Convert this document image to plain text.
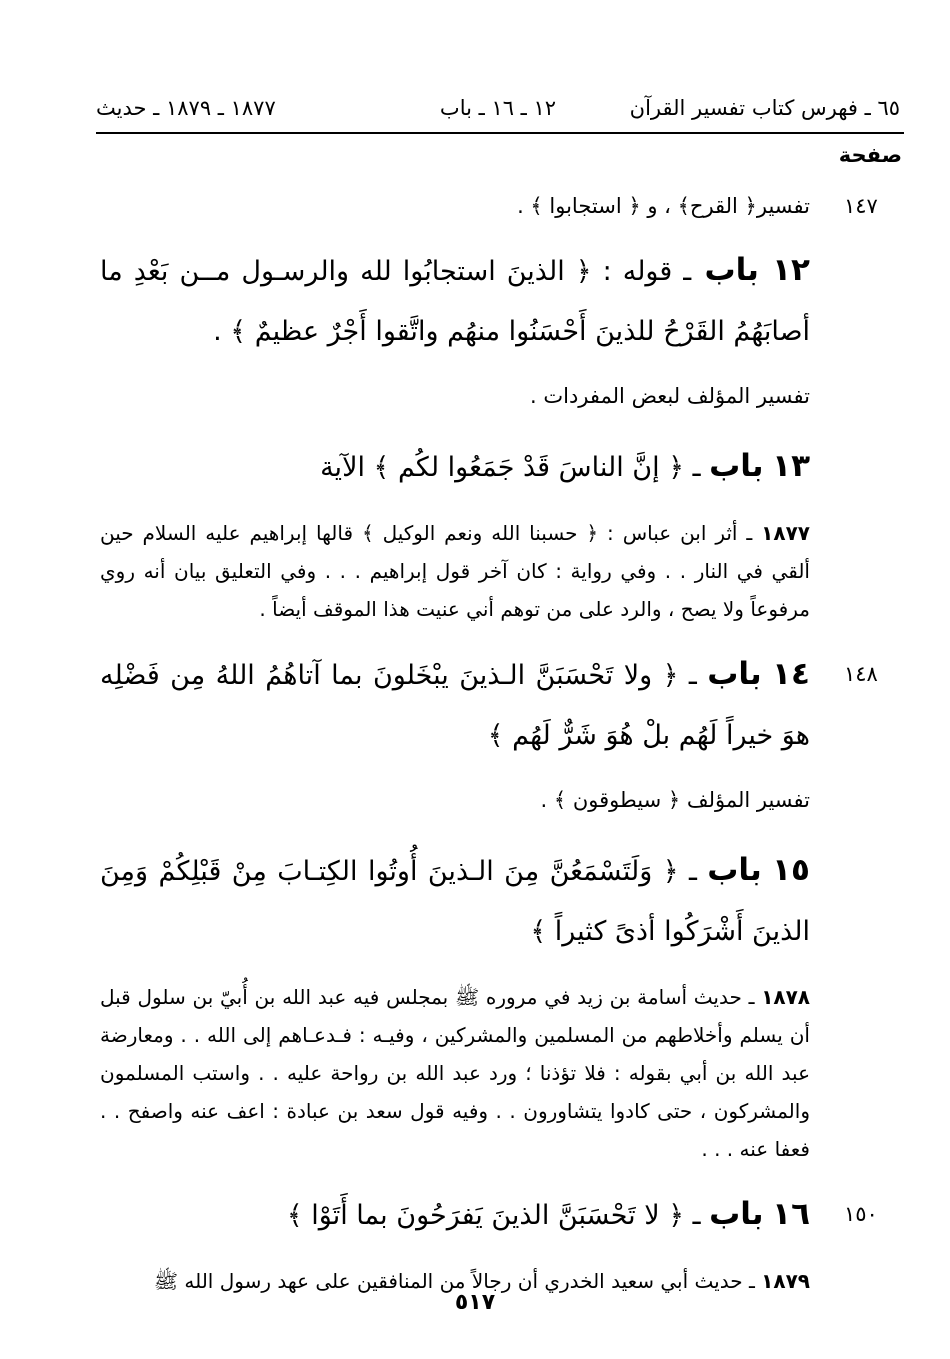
٦٥ ـ فهرس كتاب تفسير القرآن
١٢ ـ ١٦ ـ باب
١٨٧٧ ـ ١٨٧٩ ـ حديث
صفحة
١٤٧
تفسير﴿ القرح﴾ ، و ﴿ استجابوا ﴾ .
١٢ باب ـ قوله : ﴿ الذينَ استجابُوا لله والرسـول مــن بَعْدِ ما أصابَهُمُ القَرْحُ للذينَ أَحْسَنُوا منهُم واتَّقوا أَجْرٌ عظيمٌ ﴾ .
تفسير المؤلف لبعض المفردات .
١٣ باب ـ ﴿ إنَّ الناسَ قَدْ جَمَعُوا لكُم ﴾ الآية
١٨٧٧ ـ أثر ابن عباس : ﴿ حسبنا الله ونعم الوكيل ﴾ قالها إبراهيم عليه السلام حين ألقي في النار . . وفي رواية : كان آخر قول إبراهيم . . . وفي التعليق بيان أنه روي مرفوعاً ولا يصح ، والرد على من توهم أني عنيت هذا الموقف أيضاً .
١٤٨
١٤ باب ـ ﴿ ولا تَحْسَبَنَّ الـذينَ يبْخَلونَ بما آتاهُمُ اللهُ مِن فَضْلِه هوَ خيراً لَهُم بلْ هُوَ شَرٌّ لَهُم ﴾
تفسير المؤلف ﴿ سيطوقون ﴾ .
١٥ باب ـ ﴿ وَلَتَسْمَعُنَّ مِنَ الـذينَ أُوتُوا الكِتـابَ مِنْ قَبْلِكُمْ وَمِنَ الذينَ أَشْرَكُوا أذىً كثيراً ﴾
١٨٧٨ ـ حديث أسامة بن زيد في مروره ﷺ بمجلس فيه عبد الله بن أُبيّ بن سلول قبل أن يسلم وأخلاطهم من المسلمين والمشركين ، وفيـه : فـدعـاهم إلى الله . . ومعارضة عبد الله بن أبي بقوله : فلا تؤذنا ؛ ورد عبد الله بن رواحة عليه . . واستب المسلمون والمشركون ، حتى كادوا يتشاورون . . وفيه قول سعد بن عبادة : اعف عنه واصفح . . فعفا عنه . . .
١٥٠
١٦ باب ـ ﴿ لا تَحْسَبَنَّ الذينَ يَفرَحُونَ بما أَتَوْا ﴾
١٨٧٩ ـ حديث أبي سعيد الخدري أن رجالاً من المنافقين على عهد رسول الله ﷺ
٥١٧
